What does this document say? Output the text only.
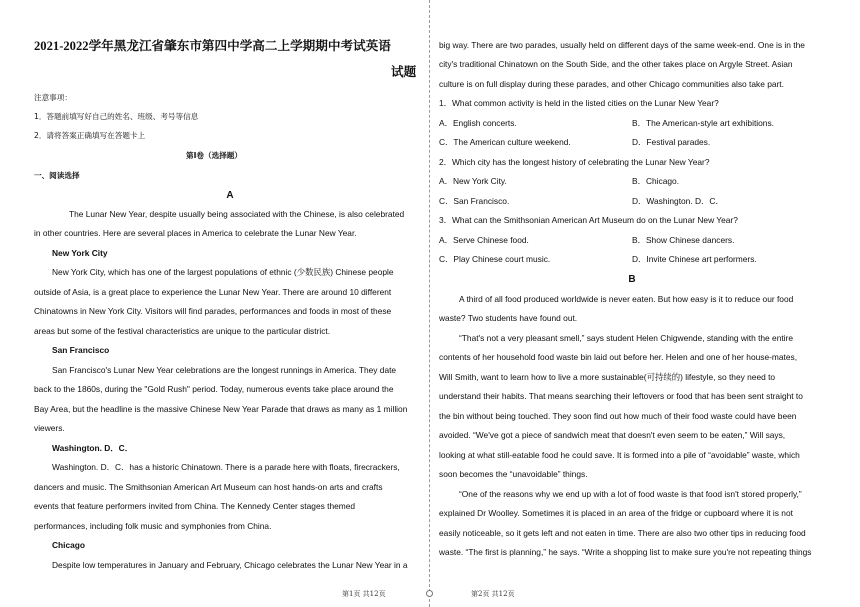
2021-2022学年黑龙江省肇东市第四中学高二上学期期中考试英语
试题
注意事项：
1．答题前填写好自己的姓名、班级、考号等信息
2．请将答案正确填写在答题卡上
第I卷（选择题）
一、阅读选择
A
The Lunar New Year, despite usually being associated with the Chinese, is also celebrated
in other countries. Here are several places in America to celebrate the Lunar New Year.
New York City
New York City, which has one of the largest populations of ethnic (少数民族) Chinese people
outside of Asia, is a great place to experience the Lunar New Year. There are around 10 different
Chinatowns in New York City. Visitors will find parades, performances and foods in most of these
areas but some of the festival characteristics are unique to the particular district.
San Francisco
San Francisco's Lunar New Year celebrations are the longest runnings in America. They date
back to the 1860s, during the "Gold Rush" period. Today, numerous events take place around the
Bay Area, but the headline is the massive Chinese New Year Parade that draws as many as 1 million
viewers.
Washington. D．C．
Washington. D．C．has a historic Chinatown. There is a parade here with floats, firecrackers,
dancers and music. The Smithsonian American Art Museum can host hands-on arts and crafts
events that feature performers invited from China. The Kennedy Center stages themed
performances, including folk music and symphonies from China.
Chicago
Despite low temperatures in January and February, Chicago celebrates the Lunar New Year in a
big way. There are two parades, usually held on different days of the same week-end. One is in the
city's traditional Chinatown on the South Side, and the other takes place on Argyle Street. Asian
culture is on full display during these parades, and other Chicago communities also take part.
1．What common activity is held in the listed cities on the Lunar New Year?
A．English concerts.	B．The American-style art exhibitions.
C．The American culture weekend.	D．Festival parades.
2．Which city has the longest history of celebrating the Lunar New Year?
A．New York City.	B．Chicago.
C．San Francisco.	D．Washington. D．C．
3．What can the Smithsonian American Art Museum do on the Lunar New Year?
A．Serve Chinese food.	B．Show Chinese dancers.
C．Play Chinese court music.	D．Invite Chinese art performers.
B
A third of all food produced worldwide is never eaten. But how easy is it to reduce our food
waste? Two students have found out.
“That's not a very pleasant smell,” says student Helen Chigwende, standing with the entire
contents of her household food waste bin laid out before her. Helen and one of her house-mates,
Will Smith, want to learn how to live a more sustainable(可持续的) lifestyle, so they need to
understand their habits. That means searching their leftovers or food that has been sent straight to
the bin without being touched. They soon find out how much of their food waste could have been
avoided. “We've got a piece of sandwich meat that doesn't even seem to be eaten,” Will says,
looking at what still-eatable food he could save. It is formed into a pile of “avoidable” waste, which
soon becomes the “unavoidable” things.
“One of the reasons why we end up with a lot of food waste is that food isn't stored properly,”
explained Dr Woolley. Sometimes it is placed in an area of the fridge or cupboard where it is not
easily noticeable, so it gets left and not eaten in time. There are also two other tips in reducing food
waste. “The first is planning,” he says. “Write a shopping list to make sure you're not repeating things
第1页 共12页	第2页 共12页
